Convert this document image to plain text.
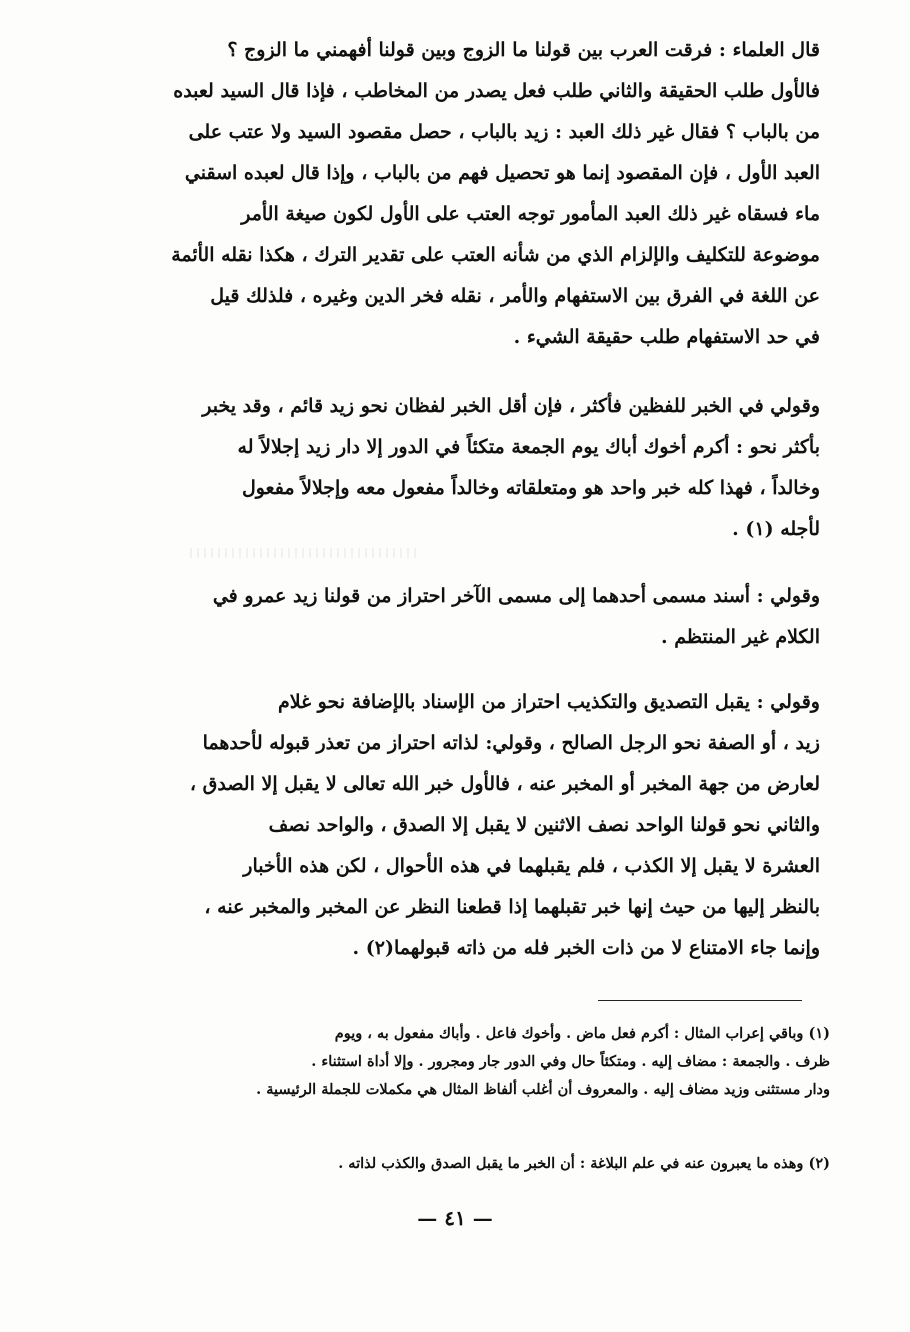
قال العلماء : فرقت العرب بين قولنا ما الزوج وبين قولنا أفهمني ما الزوج ؟

فالأول طلب الحقيقة والثاني طلب فعل يصدر من المخاطب ، فإذا قال السيد لعبده

من بالباب ؟ فقال غير ذلك العبد : زيد بالباب ، حصل مقصود السيد ولا عتب على

العبد الأول ، فإن المقصود إنما هو تحصيل فهم من بالباب ، وإذا قال لعبده اسقني

ماء فسقاه غير ذلك العبد المأمور توجه العتب على الأول لكون صيغة الأمر

موضوعة للتكليف والإلزام الذي من شأنه العتب على تقدير الترك ، هكذا نقله الأئمة

عن اللغة في الفرق بين الاستفهام والأمر ، نقله فخر الدين وغيره ، فلذلك قيل

في حد الاستفهام طلب حقيقة الشيء .

وقولي في الخبر للفظين فأكثر ، فإن أقل الخبر لفظان نحو زيد قائم ، وقد يخبر

بأكثر نحو : أكرم أخوك أباك يوم الجمعة متكئاً في الدور إلا دار زيد إجلالاً له

وخالداً ، فهذا كله خبر واحد هو ومتعلقاته وخالداً مفعول معه وإجلالاً مفعول

لأجله (١) .

وقولي : أسند مسمى أحدهما إلى مسمى الآخر احتراز من قولنا زيد عمرو في

الكلام غير المنتظم .

وقولي : يقبل التصديق والتكذيب احتراز من الإسناد بالإضافة نحو غلام

زيد ، أو الصفة نحو الرجل الصالح ، وقولي: لذاته احتراز من تعذر قبوله لأحدهما

لعارض من جهة المخبر أو المخبر عنه ، فالأول خبر الله تعالى لا يقبل إلا الصدق ،

والثاني نحو قولنا الواحد نصف الاثنين لا يقبل إلا الصدق ، والواحد نصف

العشرة لا يقبل إلا الكذب ، فلم يقبلهما في هذه الأحوال ، لكن هذه الأخبار

بالنظر إليها من حيث إنها خبر تقبلهما إذا قطعنا النظر عن المخبر والمخبر عنه ،

وإنما جاء الامتناع لا من ذات الخبر فله من ذاته قبولهما(٢) .

(١) وباقي إعراب المثال : أكرم فعل ماض . وأخوك فاعل . وأباك مفعول به ، ويوم

ظرف . والجمعة : مضاف إليه . ومتكئاً حال وفي الدور جار ومجرور . وإلا أداة استثناء .

ودار مستثنى وزيد مضاف إليه . والمعروف أن أغلب ألفاظ المثال هي مكملات للجملة الرئيسية .

(٢) وهذه ما يعبرون عنه في علم البلاغة : أن الخبر ما يقبل الصدق والكذب لذاته .

— ٤١ —
